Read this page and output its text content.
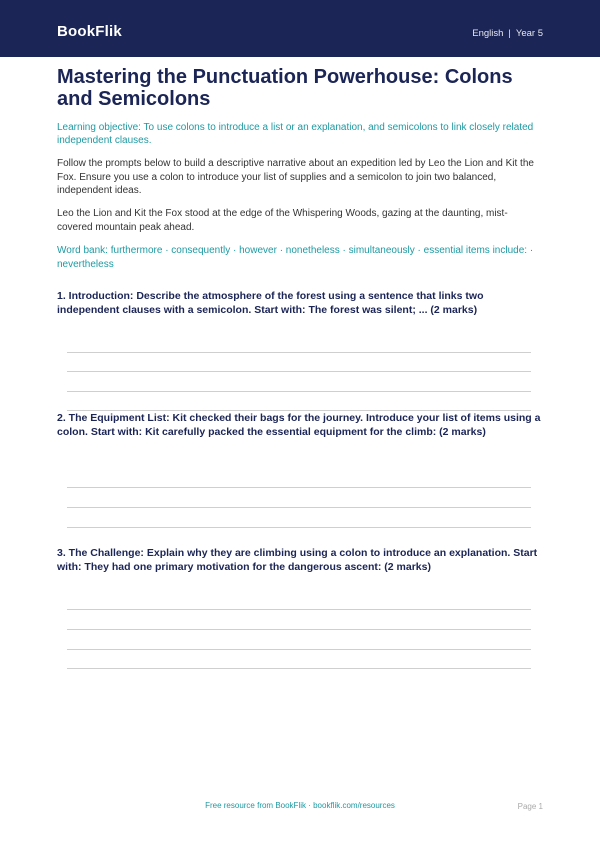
BookFlik	English | Year 5
Mastering the Punctuation Powerhouse: Colons and Semicolons
Learning objective: To use colons to introduce a list or an explanation, and semicolons to link closely related independent clauses.
Follow the prompts below to build a descriptive narrative about an expedition led by Leo the Lion and Kit the Fox. Ensure you use a colon to introduce your list of supplies and a semicolon to join two balanced, independent ideas.
Leo the Lion and Kit the Fox stood at the edge of the Whispering Woods, gazing at the daunting, mist-covered mountain peak ahead.
Word bank: furthermore · consequently · however · nonetheless · simultaneously · essential items include: · nevertheless
1. Introduction: Describe the atmosphere of the forest using a sentence that links two independent clauses with a semicolon. Start with: The forest was silent; ... (2 marks)
2. The Equipment List: Kit checked their bags for the journey. Introduce your list of items using a colon. Start with: Kit carefully packed the essential equipment for the climb: (2 marks)
3. The Challenge: Explain why they are climbing using a colon to introduce an explanation. Start with: They had one primary motivation for the dangerous ascent: (2 marks)
Free resource from BookFlik · bookflik.com/resources	Page 1
